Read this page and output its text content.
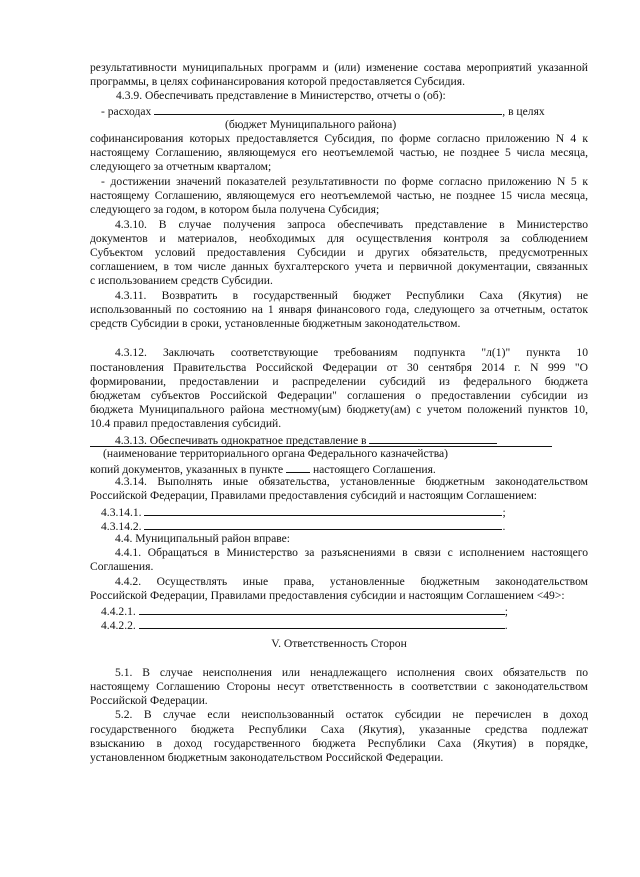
результативности муниципальных программ и (или) изменение состава мероприятий указанной
программы, в целях софинансирования которой предоставляется Субсидия.
4.3.9. Обеспечивать представление в Министерство, отчеты о (об):
- расходах	, в целях
(бюджет Муниципального района)
софинансирования которых предоставляется Субсидия, по форме согласно приложению N 4 к
настоящему Соглашению, являющемуся его неотъемлемой частью, не позднее 5 числа месяца,
следующего за отчетным кварталом;
- достижении значений показателей результативности по форме согласно приложению N 5 к
настоящему Соглашению, являющемуся его неотъемлемой частью, не позднее 15 числа месяца,
следующего за годом, в котором была получена Субсидия;
4.3.10. В случае получения запроса обеспечивать представление в Министерство
документов и материалов, необходимых для осуществления контроля за соблюдением
Субъектом условий предоставления Субсидии и других обязательств, предусмотренных
соглашением, в том числе данных бухгалтерского учета и первичной документации, связанных
с использованием средств Субсидии.
4.3.11. Возвратить в государственный бюджет Республики Саха (Якутия) не
использованный по состоянию на 1 января финансового года, следующего за отчетным, остаток
средств Субсидии в сроки, установленные бюджетным законодательством.
4.3.12. Заключать соответствующие требованиям подпункта "л(1)" пункта 10
постановления Правительства Российской Федерации от 30 сентября 2014 г. N 999 "О
формировании, предоставлении и распределении субсидий из федерального бюджета
бюджетам субъектов Российской Федерации" соглашения о предоставлении субсидии из
бюджета Муниципального района местному(ым) бюджету(ам) с учетом положений пунктов 10,
10.4 правил предоставления субсидий.
4.3.13. Обеспечивать однократное представление в
(наименование территориального органа Федерального казначейства)
копий документов, указанных в пункте	настоящего Соглашения.
4.3.14. Выполнять иные обязательства, установленные бюджетным законодательством
Российской Федерации, Правилами предоставления субсидий и настоящим Соглашением:
4.3.14.1.	;
4.3.14.2.	.
4.4. Муниципальный район вправе:
4.4.1. Обращаться в Министерство за разъяснениями в связи с исполнением настоящего
Соглашения.
4.4.2. Осуществлять иные права, установленные бюджетным законодательством
Российской Федерации, Правилами предоставления субсидии и настоящим Соглашением <49>:
4.4.2.1.	;
4.4.2.2.	.
V. Ответственность Сторон
5.1. В случае неисполнения или ненадлежащего исполнения своих обязательств по
настоящему Соглашению Стороны несут ответственность в соответствии с законодательством
Российской Федерации.
5.2. В случае если неиспользованный остаток субсидии не перечислен в доход
государственного бюджета Республики Саха (Якутия), указанные средства подлежат
взысканию в доход государственного бюджета Республики Саха (Якутия) в порядке,
установленном бюджетным законодательством Российской Федерации.
